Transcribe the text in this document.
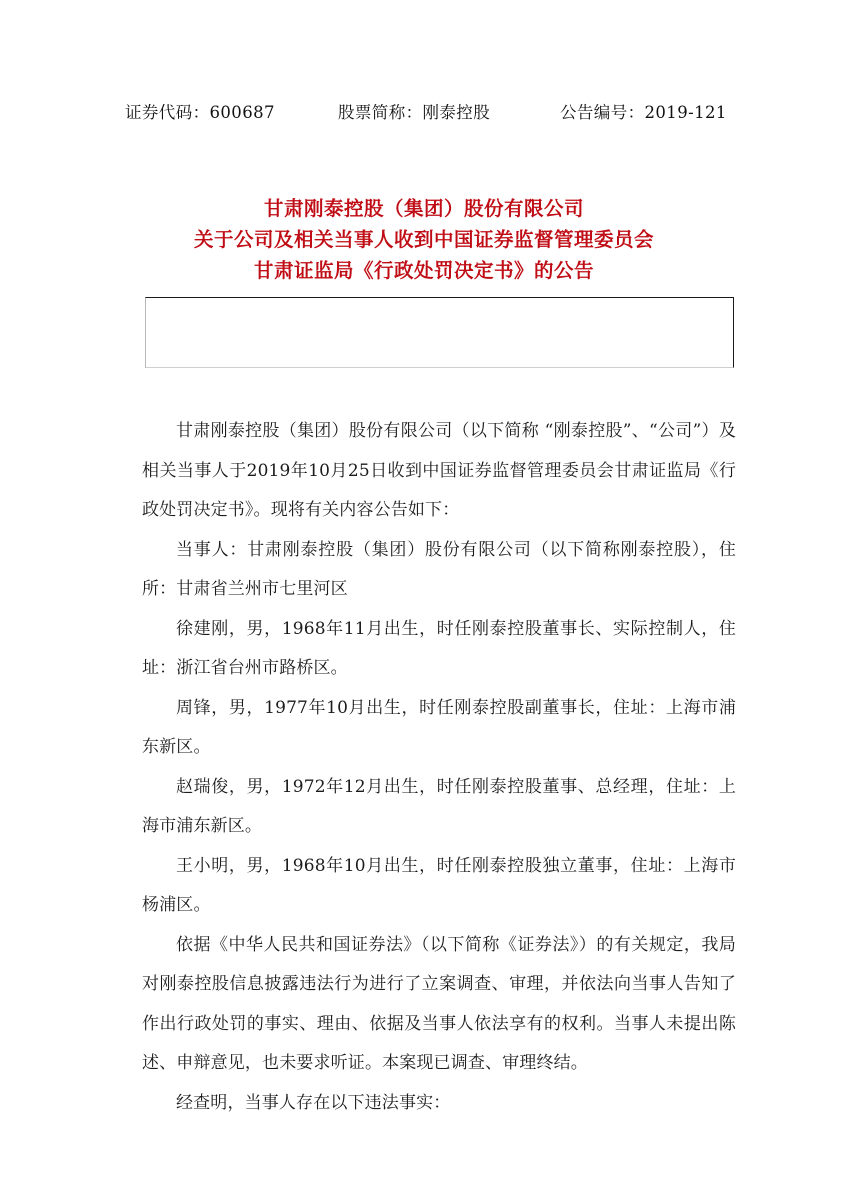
证券代码：600687	股票简称：刚泰控股	公告编号：2019-121
甘肃刚泰控股（集团）股份有限公司
关于公司及相关当事人收到中国证券监督管理委员会
甘肃证监局《行政处罚决定书》的公告

甘肃刚泰控股（集团）股份有限公司（以下简称 “刚泰控股”、“公司”）及相关当事人于2019年10月25日收到中国证券监督管理委员会甘肃证监局《行政处罚决定书》。现将有关内容公告如下：

当事人：甘肃刚泰控股（集团）股份有限公司（以下简称刚泰控股），住所：甘肃省兰州市七里河区

徐建刚，男，1968年11月出生，时任刚泰控股董事长、实际控制人，住址：浙江省台州市路桥区。

周锋，男，1977年10月出生，时任刚泰控股副董事长，住址：上海市浦东新区。

赵瑞俊，男，1972年12月出生，时任刚泰控股董事、总经理，住址：上海市浦东新区。

王小明，男，1968年10月出生，时任刚泰控股独立董事，住址：上海市杨浦区。

依据《中华人民共和国证券法》（以下简称《证券法》）的有关规定，我局对刚泰控股信息披露违法行为进行了立案调查、审理，并依法向当事人告知了作出行政处罚的事实、理由、依据及当事人依法享有的权利。当事人未提出陈述、申辩意见，也未要求听证。本案现已调查、审理终结。

经查明，当事人存在以下违法事实：
